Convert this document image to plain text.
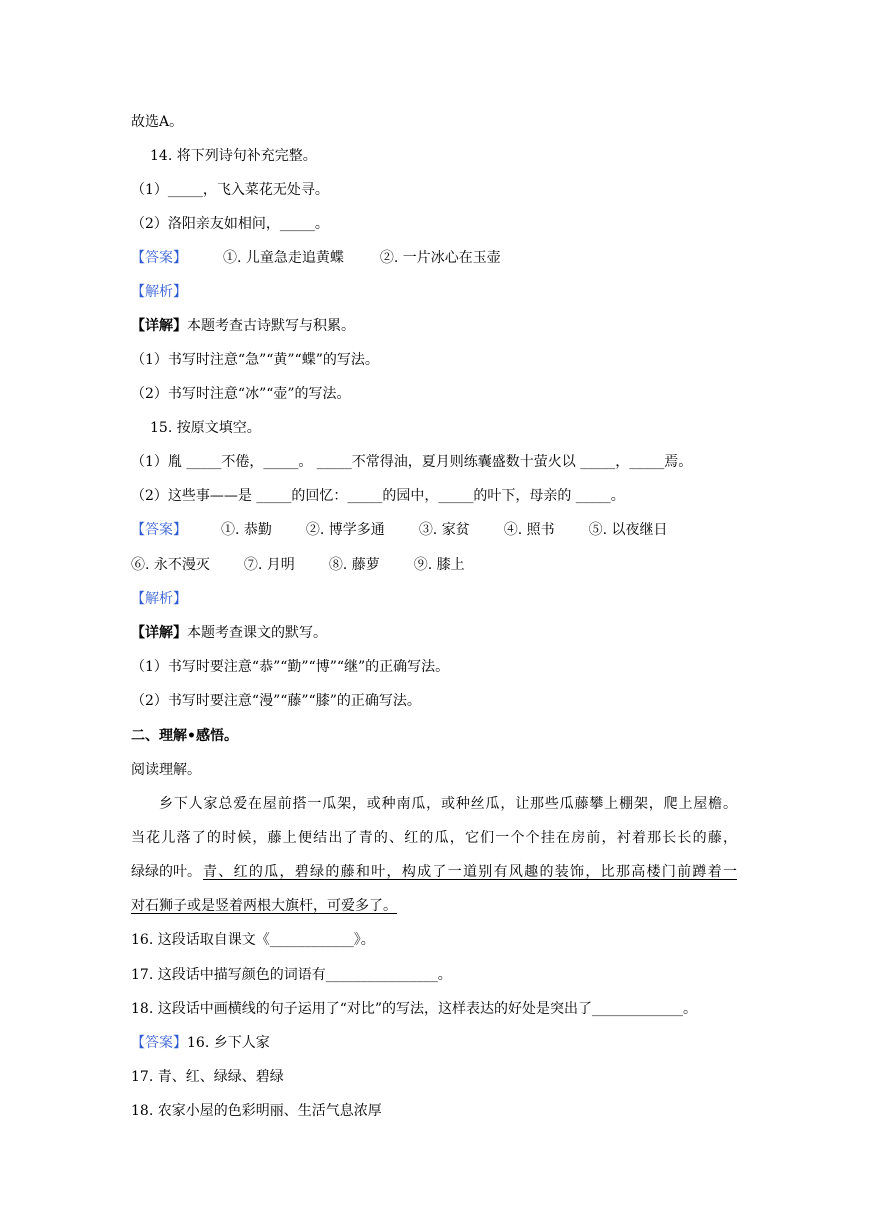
故选A。
14. 将下列诗句补充完整。
（1）_____，飞入菜花无处寻。
（2）洛阳亲友如相问，_____。
【答案】	①. 儿童急走追黄蝶	②. 一片冰心在玉壶
【解析】
【详解】本题考查古诗默写与积累。
（1）书写时注意“急”“黄”“蝶”的写法。
（2）书写时注意“冰”“壶”的写法。
15. 按原文填空。
（1）胤 _____不倦，_____。 _____不常得油，夏月则练囊盛数十萤火以 _____，_____焉。
（2）这些事——是 _____的回忆：_____的园中，_____的叶下，母亲的 _____。
【答案】 ①. 恭勤 ②. 博学多通 ③. 家贫 ④. 照书 ⑤. 以夜继日
⑥. 永不漫灭 ⑦. 月明 ⑧. 藤萝 ⑨. 膝上
【解析】
【详解】本题考查课文的默写。
（1）书写时要注意“恭”“勤”“博”“继”的正确写法。
（2）书写时要注意“漫”“藤”“膝”的正确写法。
二、理解•感悟。
阅读理解。
乡下人家总爱在屋前搭一瓜架，或种南瓜，或种丝瓜，让那些瓜藤攀上棚架，爬上屋檐。
当花儿落了的时候，藤上便结出了青的、红的瓜，它们一个个挂在房前，衬着那长长的藤，
绿绿的叶。 青、红的瓜，碧绿的藤和叶，构成了一道别有风趣的装饰，比那高楼门前蹲着一
对石狮子或是竖着两根大旗杆，可爱多了。
16. 这段话取自课文《____________》。
17. 这段话中描写颜色的词语有________________。
18. 这段话中画横线的句子运用了“对比”的写法，这样表达的好处是突出了_____________。
【答案】16. 乡下人家
17. 青、红、绿绿、碧绿
18. 农家小屋的色彩明丽、生活气息浓厚
